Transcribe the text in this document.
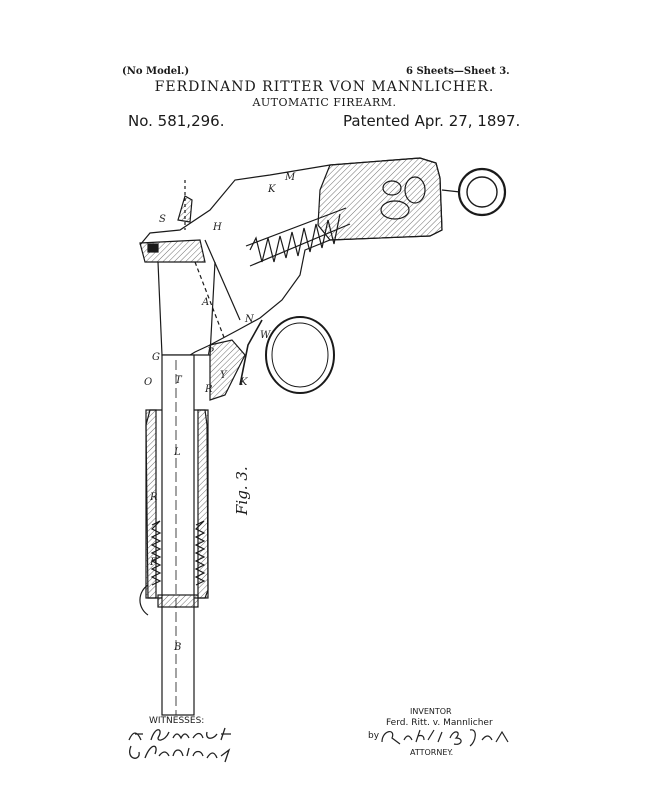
(No Model.)	6 Sheets—Sheet 3.
FERDINAND RITTER VON MANNLICHER.
AUTOMATIC FIREARM.
No. 581,296.	Patented Apr. 27, 1897.
S
H
K
M
A
P
N
W
G
O
Y
K
R
T
R
L
F
B
Fig. 3.
WITNESSES:
INVENTOR
Ferd. Ritt. v. Mannlicher
by
ATTORNEY.
